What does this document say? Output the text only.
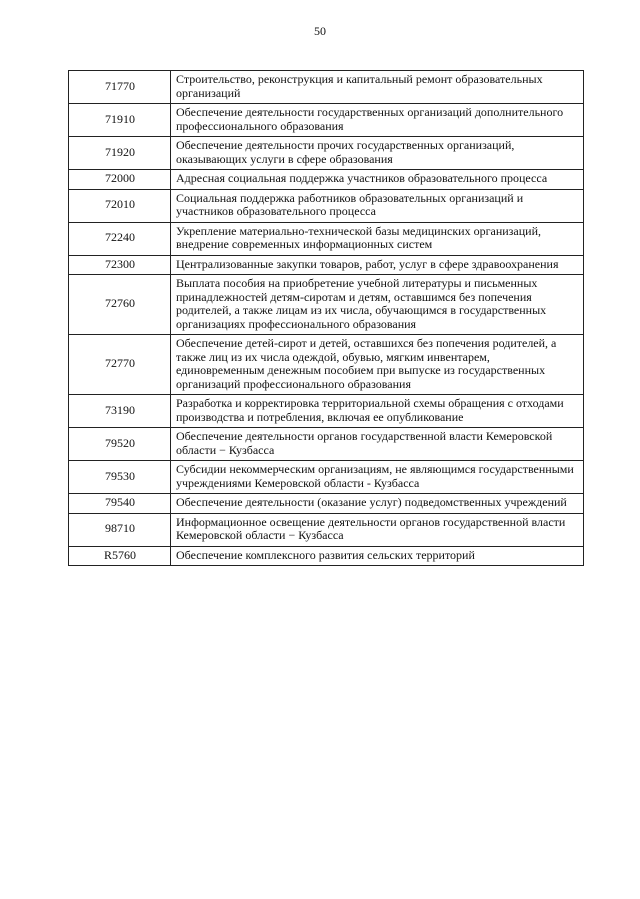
50
71770	Строительство, реконструкция и капитальный ремонт образовательных организаций
71910	Обеспечение деятельности государственных организаций дополнительного профессионального образования
71920	Обеспечение деятельности прочих государственных организаций, оказывающих услуги в сфере образования
72000	Адресная социальная поддержка участников образовательного процесса
72010	Социальная поддержка работников образовательных организаций и участников образовательного процесса
72240	Укрепление материально-технической базы медицинских организаций, внедрение современных информационных систем
72300	Централизованные закупки товаров, работ, услуг в сфере здравоохранения
72760	Выплата пособия на приобретение учебной литературы и письменных принадлежностей детям-сиротам и детям, оставшимся без попечения родителей, а также лицам из их числа, обучающимся в государственных организациях профессионального образования
72770	Обеспечение детей-сирот и детей, оставшихся без попечения родителей, а также лиц из их числа одеждой, обувью, мягким инвентарем, единовременным денежным пособием при выпуске из государственных организаций профессионального образования
73190	Разработка и корректировка территориальной схемы обращения с отходами производства и потребления, включая ее опубликование
79520	Обеспечение деятельности органов государственной власти Кемеровской области − Кузбасса
79530	Субсидии некоммерческим организациям, не являющимся государственными учреждениями Кемеровской области - Кузбасса
79540	Обеспечение деятельности (оказание услуг) подведомственных учреждений
98710	Информационное освещение деятельности органов государственной власти Кемеровской области − Кузбасса
R5760	Обеспечение комплексного развития сельских территорий
